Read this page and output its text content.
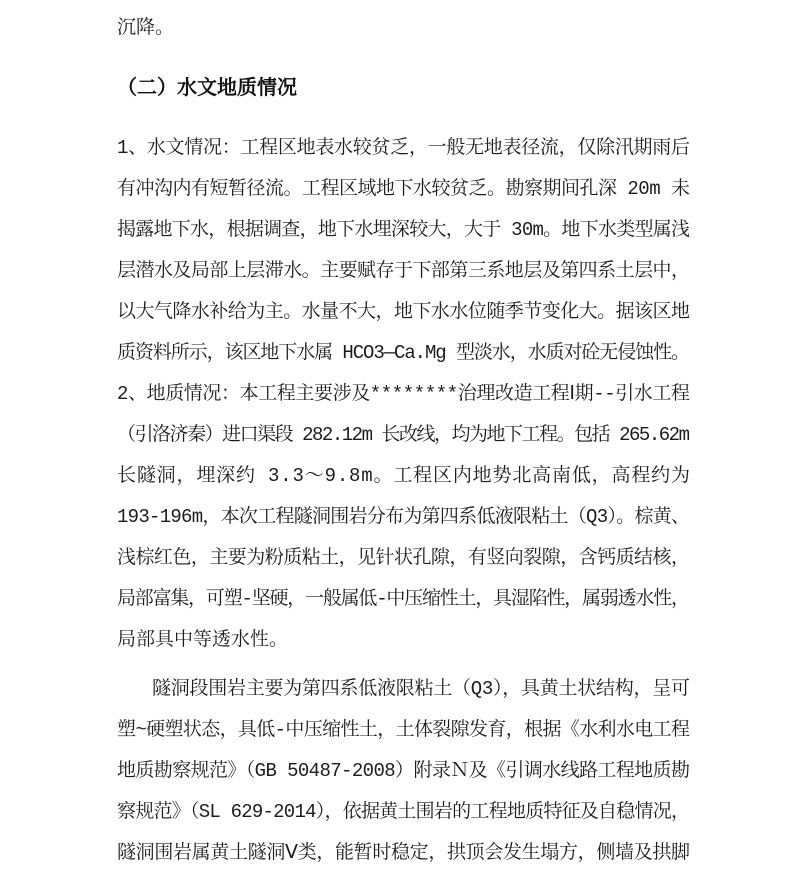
沉降。
（二）水文地质情况
1、水文情况：工程区地表水较贫乏，一般无地表径流，仅除汛期雨后
有冲沟内有短暂径流。工程区域地下水较贫乏。勘察期间孔深 20m 未
揭露地下水，根据调查，地下水埋深较大，大于 30m。地下水类型属浅
层潜水及局部上层滞水。主要赋存于下部第三系地层及第四系土层中，
以大气降水补给为主。水量不大，地下水水位随季节变化大。据该区地
质资料所示，该区地下水属 HCO3—Ca.Mg 型淡水，水质对砼无侵蚀性。
2、地质情况：本工程主要涉及********治理改造工程Ⅰ期--引水工程
（引洛济秦）进口渠段 282.12m 长改线，均为地下工程。包括 265.62m
长隧洞，埋深约 3.3～9.8m。工程区内地势北高南低，高程约为
193-196m，本次工程隧洞围岩分布为第四系低液限粘土（Q3）。棕黄、
浅棕红色，主要为粉质粘土，见针状孔隙，有竖向裂隙，含钙质结核，
局部富集，可塑-坚硬，一般属低-中压缩性土，具湿陷性，属弱透水性，
局部具中等透水性。
隧洞段围岩主要为第四系低液限粘土（Q3），具黄土状结构，呈可
塑~硬塑状态，具低-中压缩性土，土体裂隙发育，根据《水利水电工程
地质勘察规范》（GB 50487-2008）附录Ｎ及《引调水线路工程地质勘
察规范》（SL 629-2014），依据黄土围岩的工程地质特征及自稳情况，
隧洞围岩属黄土隧洞Ⅴ类，能暂时稳定，拱顶会发生塌方，侧墙及拱脚
